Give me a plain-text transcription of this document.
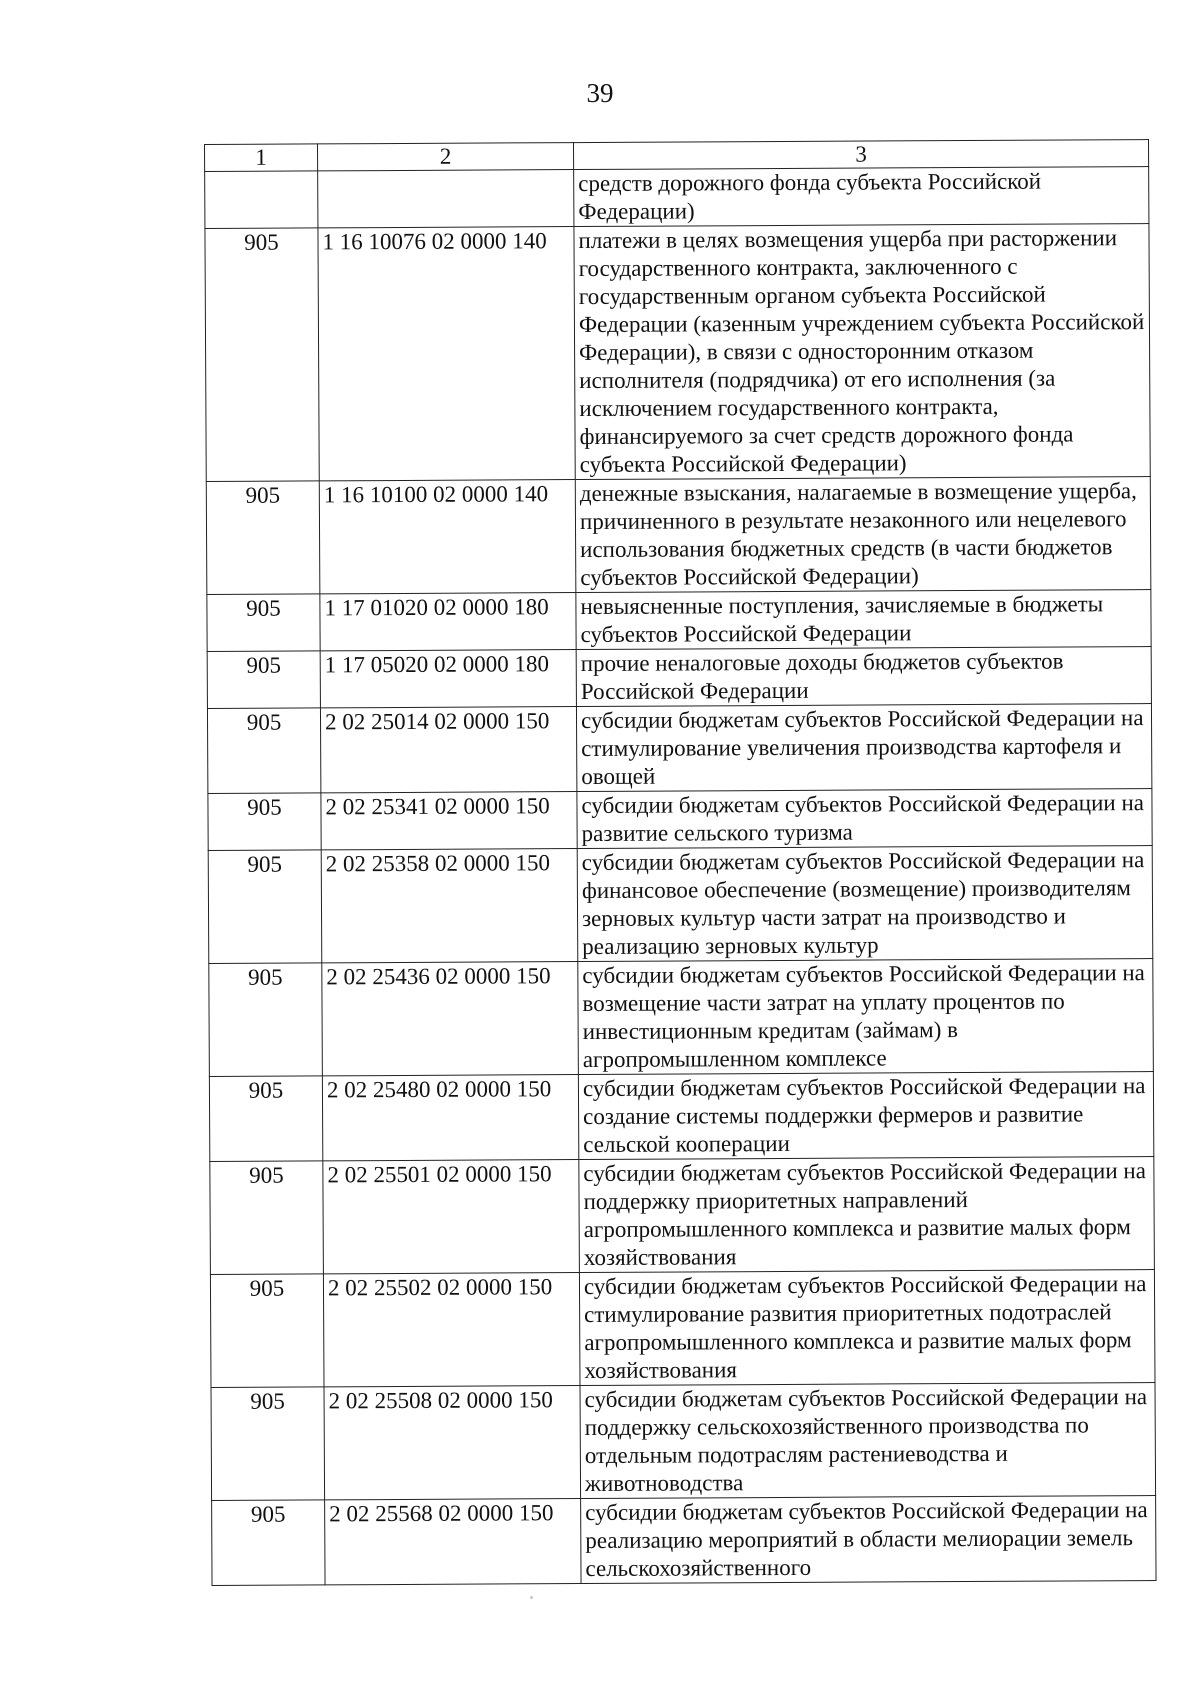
39
1	2	3
		средств дорожного фонда субъекта Российской Федерации)
905	1 16 10076 02 0000 140	платежи в целях возмещения ущерба при расторжении государственного контракта, заключенного с государственным органом субъекта Российской Федерации (казенным учреждением субъекта Российской Федерации), в связи с односторонним отказом исполнителя (подрядчика) от его исполнения (за исключением государственного контракта, финансируемого за счет средств дорожного фонда субъекта Российской Федерации)
905	1 16 10100 02 0000 140	денежные взыскания, налагаемые в возмещение ущерба, причиненного в результате незаконного или нецелевого использования бюджетных средств (в части бюджетов субъектов Российской Федерации)
905	1 17 01020 02 0000 180	невыясненные поступления, зачисляемые в бюджеты субъектов Российской Федерации
905	1 17 05020 02 0000 180	прочие неналоговые доходы бюджетов субъектов Российской Федерации
905	2 02 25014 02 0000 150	субсидии бюджетам субъектов Российской Федерации на стимулирование увеличения производства картофеля и овощей
905	2 02 25341 02 0000 150	субсидии бюджетам субъектов Российской Федерации на развитие сельского туризма
905	2 02 25358 02 0000 150	субсидии бюджетам субъектов Российской Федерации на финансовое обеспечение (возмещение) производителям зерновых культур части затрат на производство и реализацию зерновых культур
905	2 02 25436 02 0000 150	субсидии бюджетам субъектов Российской Федерации на возмещение части затрат на уплату процентов по инвестиционным кредитам (займам) в агропромышленном комплексе
905	2 02 25480 02 0000 150	субсидии бюджетам субъектов Российской Федерации на создание системы поддержки фермеров и развитие сельской кооперации
905	2 02 25501 02 0000 150	субсидии бюджетам субъектов Российской Федерации на поддержку приоритетных направлений агропромышленного комплекса и развитие малых форм хозяйствования
905	2 02 25502 02 0000 150	субсидии бюджетам субъектов Российской Федерации на стимулирование развития приоритетных подотраслей агропромышленного комплекса и развитие малых форм хозяйствования
905	2 02 25508 02 0000 150	субсидии бюджетам субъектов Российской Федерации на поддержку сельскохозяйственного производства по отдельным подотраслям растениеводства и животноводства
905	2 02 25568 02 0000 150	субсидии бюджетам субъектов Российской Федерации на реализацию мероприятий в области мелиорации земель сельскохозяйственного
